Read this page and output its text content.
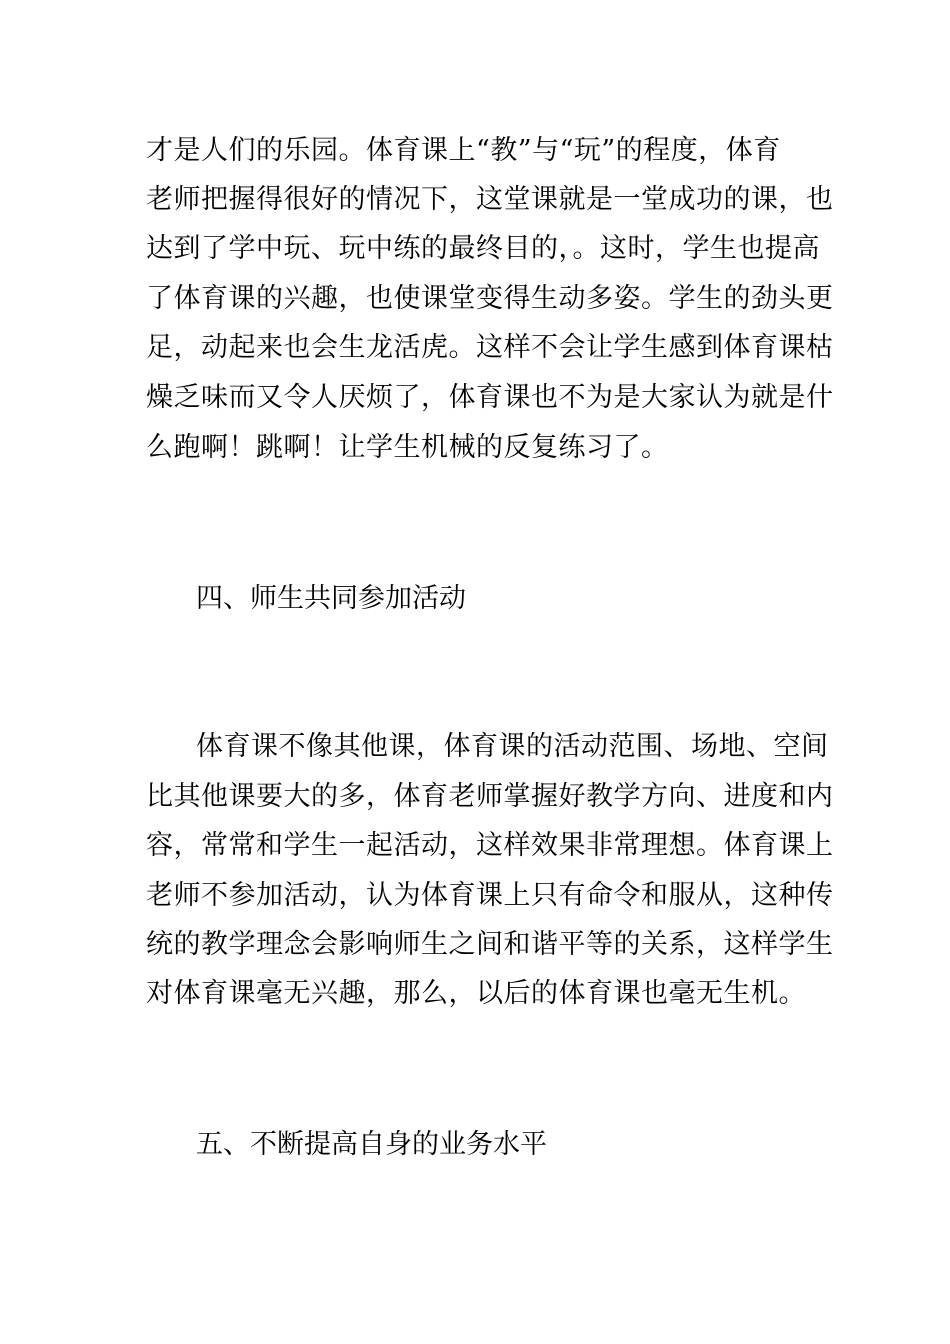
才是人们的乐园。体育课上“教”与“玩”的程度，体育
老师把握得很好的情况下，这堂课就是一堂成功的课，也
达到了学中玩、玩中练的最终目的，。这时，学生也提高
了体育课的兴趣，也使课堂变得生动多姿。学生的劲头更
足，动起来也会生龙活虎。这样不会让学生感到体育课枯
燥乏味而又令人厌烦了，体育课也不为是大家认为就是什
么跑啊！跳啊！让学生机械的反复练习了。
四、师生共同参加活动
体育课不像其他课，体育课的活动范围、场地、空间
比其他课要大的多，体育老师掌握好教学方向、进度和内
容，常常和学生一起活动，这样效果非常理想。体育课上
老师不参加活动，认为体育课上只有命令和服从，这种传
统的教学理念会影响师生之间和谐平等的关系，这样学生
对体育课毫无兴趣，那么，以后的体育课也毫无生机。
五、不断提高自身的业务水平
